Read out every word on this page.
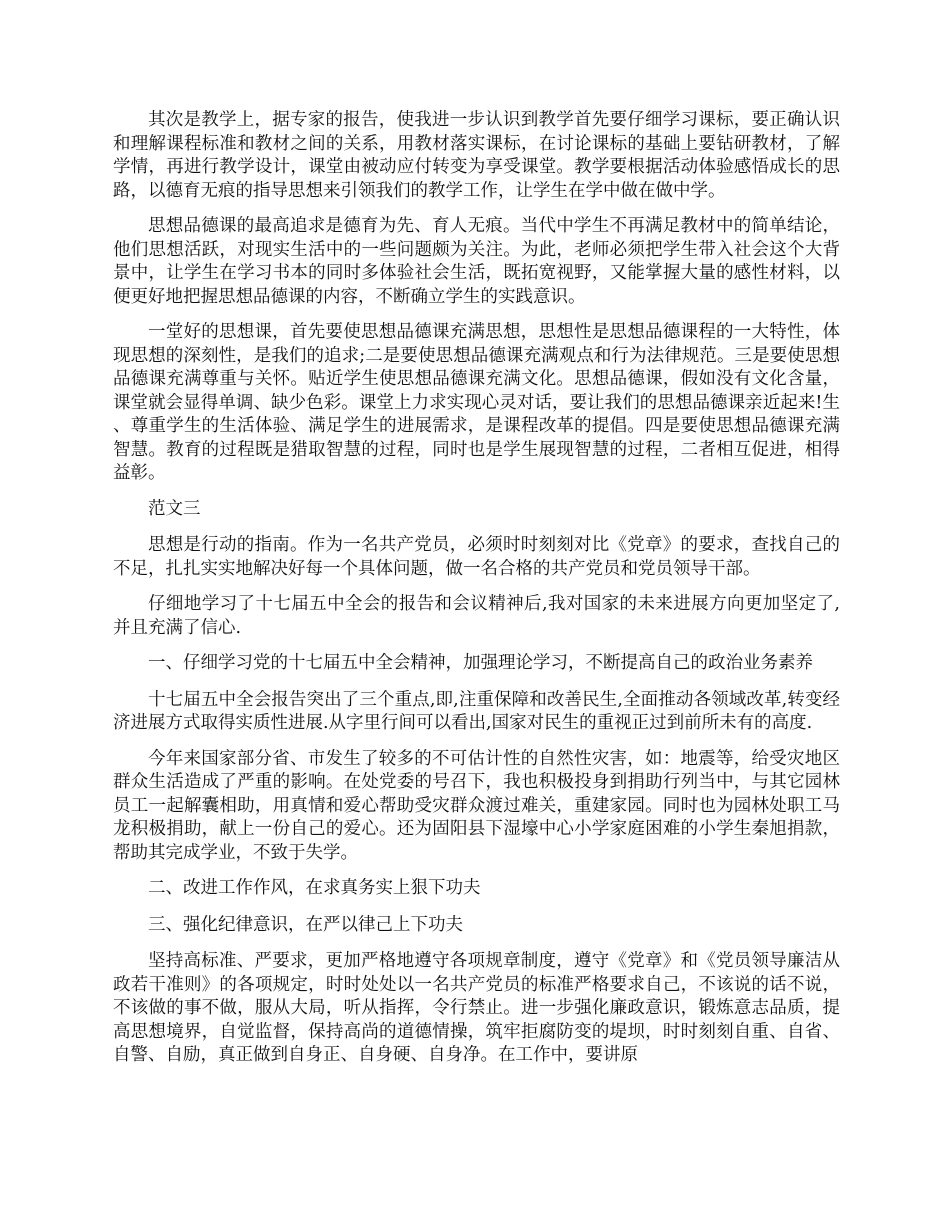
其次是教学上，据专家的报告，使我进一步认识到教学首先要仔细学习课标，要正确认识和理解课程标准和教材之间的关系，用教材落实课标，在讨论课标的基础上要钻研教材，了解学情，再进行教学设计，课堂由被动应付转变为享受课堂。教学要根据活动体验感悟成长的思路，以德育无痕的指导思想来引领我们的教学工作，让学生在学中做在做中学。

思想品德课的最高追求是德育为先、育人无痕。当代中学生不再满足教材中的简单结论，他们思想活跃，对现实生活中的一些问题颇为关注。为此，老师必须把学生带入社会这个大背景中，让学生在学习书本的同时多体验社会生活，既拓宽视野，又能掌握大量的感性材料，以便更好地把握思想品德课的内容，不断确立学生的实践意识。

一堂好的思想课，首先要使思想品德课充满思想，思想性是思想品德课程的一大特性，体现思想的深刻性，是我们的追求;二是要使思想品德课充满观点和行为法律规范。三是要使思想品德课充满尊重与关怀。贴近学生使思想品德课充满文化。思想品德课，假如没有文化含量，课堂就会显得单调、缺少色彩。课堂上力求实现心灵对话，要让我们的思想品德课亲近起来!生、尊重学生的生活体验、满足学生的进展需求，是课程改革的提倡。四是要使思想品德课充满智慧。教育的过程既是猎取智慧的过程，同时也是学生展现智慧的过程，二者相互促进，相得益彰。

范文三

思想是行动的指南。作为一名共产党员，必须时时刻刻对比《党章》的要求，查找自己的不足，扎扎实实地解决好每一个具体问题，做一名合格的共产党员和党员领导干部。

仔细地学习了十七届五中全会的报告和会议精神后,我对国家的未来进展方向更加坚定了,并且充满了信心.

一、仔细学习党的十七届五中全会精神，加强理论学习，不断提高自己的政治业务素养

十七届五中全会报告突出了三个重点,即,注重保障和改善民生,全面推动各领域改革,转变经济进展方式取得实质性进展.从字里行间可以看出,国家对民生的重视正过到前所未有的高度.

今年来国家部分省、市发生了较多的不可估计性的自然性灾害，如：地震等，给受灾地区群众生活造成了严重的影响。在处党委的号召下，我也积极投身到捐助行列当中，与其它园林员工一起解囊相助，用真情和爱心帮助受灾群众渡过难关，重建家园。同时也为园林处职工马龙积极捐助，献上一份自己的爱心。还为固阳县下湿壕中心小学家庭困难的小学生秦旭捐款，帮助其完成学业，不致于失学。

二、改进工作作风，在求真务实上狠下功夫

三、强化纪律意识，在严以律己上下功夫

坚持高标准、严要求，更加严格地遵守各项规章制度，遵守《党章》和《党员领导廉洁从政若干准则》的各项规定，时时处处以一名共产党员的标准严格要求自己，不该说的话不说，不该做的事不做，服从大局，听从指挥，令行禁止。进一步强化廉政意识，锻炼意志品质，提高思想境界，自觉监督，保持高尚的道德情操，筑牢拒腐防变的堤坝，时时刻刻自重、自省、自警、自励，真正做到自身正、自身硬、自身净。在工作中，要讲原
